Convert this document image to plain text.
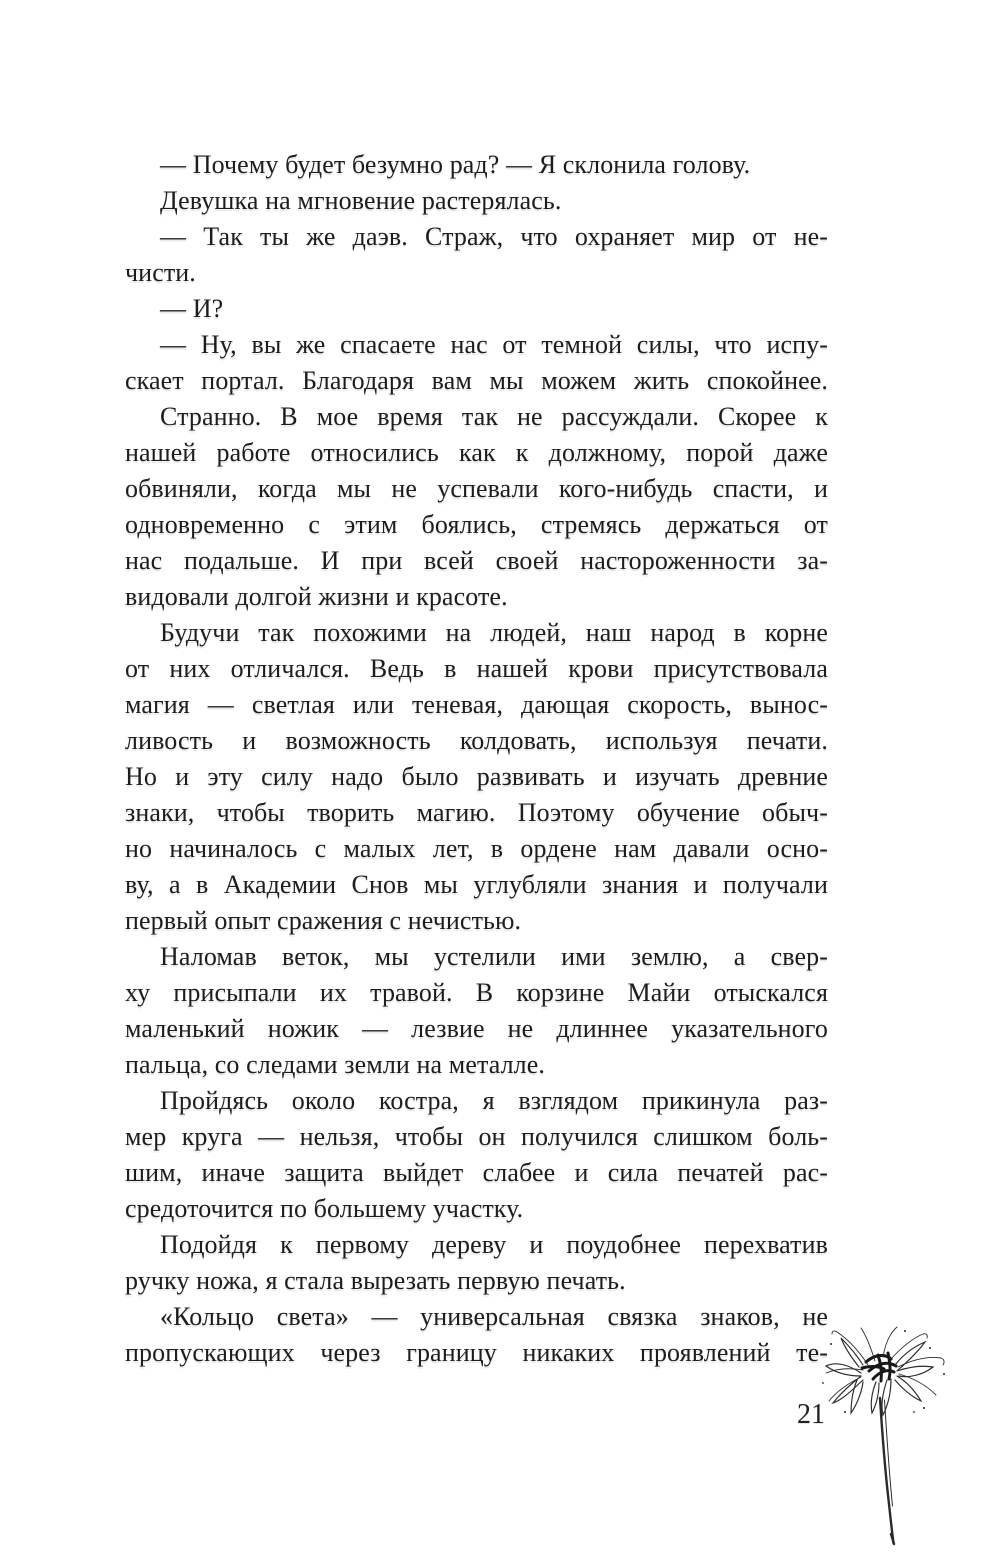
— Почему будет безумно рад? — Я склонила голову.
Девушка на мгновение растерялась.
— Так ты же даэв. Страж, что охраняет мир от не-
чисти.
— И?
— Ну, вы же спасаете нас от темной силы, что испу-
скает портал. Благодаря вам мы можем жить спокойнее.
Странно. В мое время так не рассуждали. Скорее к
нашей работе относились как к должному, порой даже
обвиняли, когда мы не успевали кого-нибудь спасти, и
одновременно с этим боялись, стремясь держаться от
нас подальше. И при всей своей настороженности за-
видовали долгой жизни и красоте.
Будучи так похожими на людей, наш народ в корне
от них отличался. Ведь в нашей крови присутствовала
магия — светлая или теневая, дающая скорость, вынос-
ливость и возможность колдовать, используя печати.
Но и эту силу надо было развивать и изучать древние
знаки, чтобы творить магию. Поэтому обучение обыч-
но начиналось с малых лет, в ордене нам давали осно-
ву, а в Академии Снов мы углубляли знания и получали
первый опыт сражения с нечистью.
Наломав веток, мы устелили ими землю, а свер-
ху присыпали их травой. В корзине Майи отыскался
маленький ножик — лезвие не длиннее указательного
пальца, со следами земли на металле.
Пройдясь около костра, я взглядом прикинула раз-
мер круга — нельзя, чтобы он получился слишком боль-
шим, иначе защита выйдет слабее и сила печатей рас-
средоточится по большему участку.
Подойдя к первому дереву и поудобнее перехватив
ручку ножа, я стала вырезать первую печать.
«Кольцо света» — универсальная связка знаков, не
пропускающих через границу никаких проявлений те-
21
